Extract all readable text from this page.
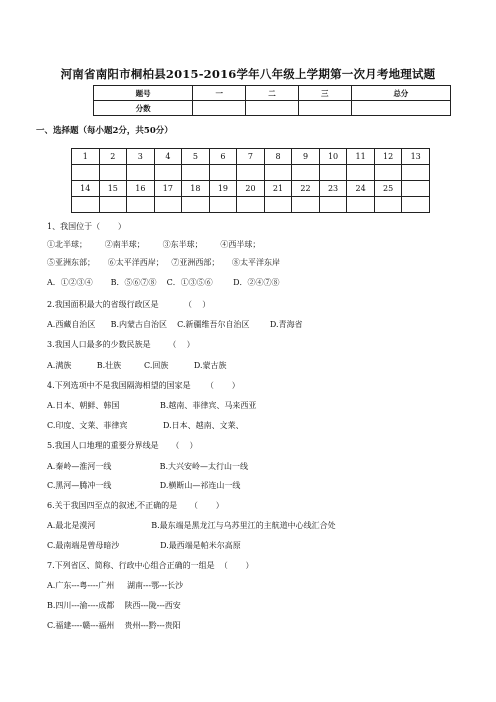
河南省南阳市桐柏县2015-2016学年八年级上学期第一次月考地理试题
题号	一	二	三	总分
分数				
一、选择题（每小题2分，共50分）
1	2	3	4	5	6	7	8	9	10	11	12	13

14	15	16	17	18	19	20	21	22	23	24	25	

1、我国位于（       ）
①北半球；       ②南半球；       ③东半球；       ④西半球；
⑤亚洲东部；     ⑥太平洋西岸；   ⑦亚洲西部；     ⑧太平洋东岸
A．①②③④       B．⑤⑥⑦⑧    C．①③⑤⑥        D．②④⑦⑧
2.我国面积最大的省级行政区是          （    ）
A.西藏自治区      B.内蒙古自治区    C.新疆维吾尔自治区        D.青海省
3.我国人口最多的少数民族是       （    ）
A.满族          B.壮族         C.回族          D.蒙古族
4.下列选项中不是我国隔海相望的国家是      （       ）
A.日本、朝鲜、韩国                B.越南、菲律宾、马来西亚
C.印度、文莱、菲律宾              D.日本、越南、文莱、
5.我国人口地理的重要分界线是     （    ）
A.秦岭—淮河一线                   B.大兴安岭—太行山一线
C.黑河—腾冲一线                   D.横断山—祁连山一线
6.关于我国四至点的叙述,不正确的是     （       ）
A.最北是漠河                      B.最东端是黑龙江与乌苏里江的主航道中心线汇合处
C.最南端是曾母暗沙                D.最西端是帕米尔高原
7.下列省区、简称、行政中心组合正确的一组是  （       ）
A.广东---粤----广州     湖南---鄂---长沙
B.四川---渝----成都    陕西---陇---西安
C.福建----赣---福州    贵州---黔---贵阳
